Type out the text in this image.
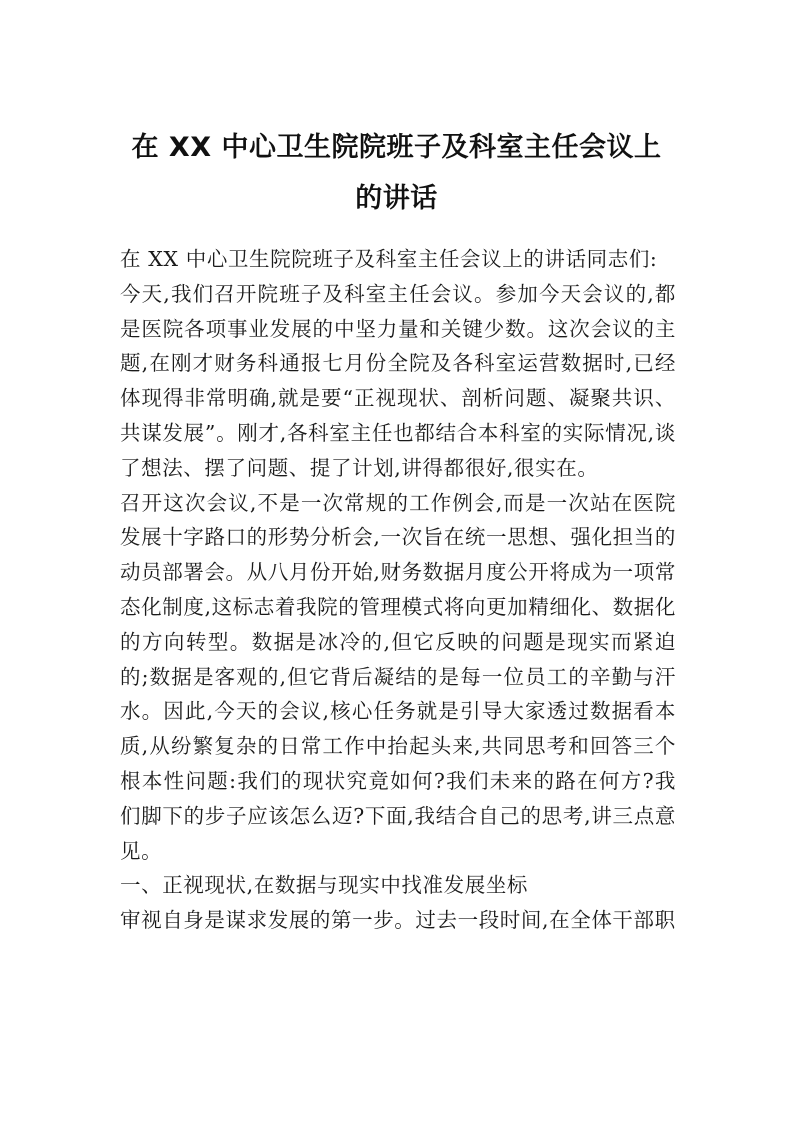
在 XX 中心卫生院院班子及科室主任会议上
的讲话

在 XX 中心卫生院院班子及科室主任会议上的讲话同志们:

今天,我们召开院班子及科室主任会议。参加今天会议的,都是医院各项事业发展的中坚力量和关键少数。这次会议的主题,在刚才财务科通报七月份全院及各科室运营数据时,已经体现得非常明确,就是要“正视现状、剖析问题、凝聚共识、共谋发展”。刚才,各科室主任也都结合本科室的实际情况,谈了想法、摆了问题、提了计划,讲得都很好,很实在。

召开这次会议,不是一次常规的工作例会,而是一次站在医院发展十字路口的形势分析会,一次旨在统一思想、强化担当的动员部署会。从八月份开始,财务数据月度公开将成为一项常态化制度,这标志着我院的管理模式将向更加精细化、数据化的方向转型。数据是冰冷的,但它反映的问题是现实而紧迫的;数据是客观的,但它背后凝结的是每一位员工的辛勤与汗水。因此,今天的会议,核心任务就是引导大家透过数据看本质,从纷繁复杂的日常工作中抬起头来,共同思考和回答三个根本性问题:我们的现状究竟如何?我们未来的路在何方?我们脚下的步子应该怎么迈?下面,我结合自己的思考,讲三点意见。

一、正视现状,在数据与现实中找准发展坐标

审视自身是谋求发展的第一步。过去一段时间,在全体干部职
